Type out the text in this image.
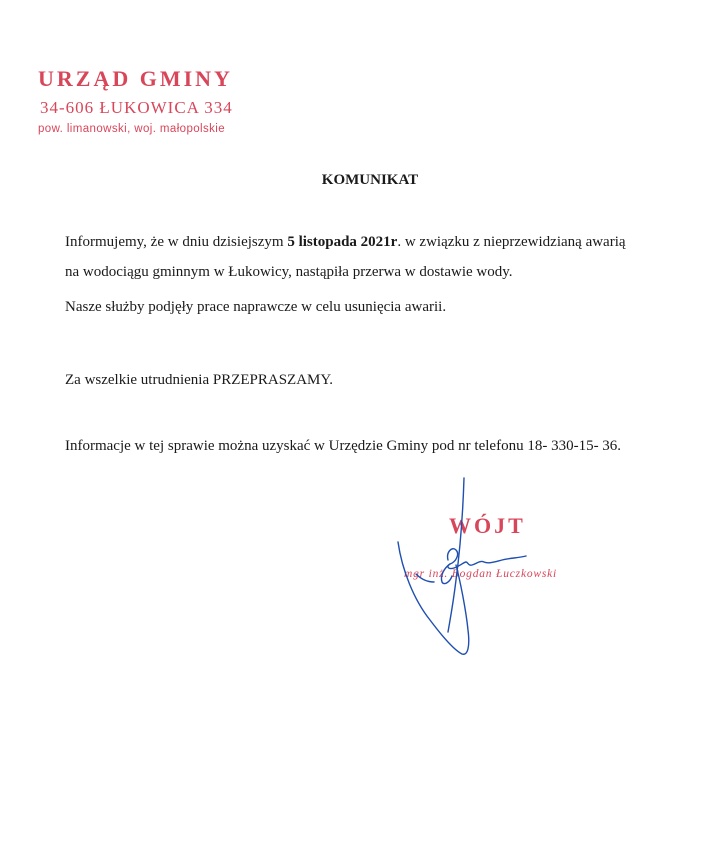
URZĄD GMINY
34-606 ŁUKOWICA 334
pow. limanowski, woj. małopolskie
KOMUNIKAT
Informujemy, że w dniu dzisiejszym 5 listopada 2021r. w związku z nieprzewidzianą awarią
na wodociągu gminnym w Łukowicy, nastąpiła przerwa w dostawie wody.
Nasze służby podjęły prace naprawcze w celu usunięcia awarii.
Za wszelkie utrudnienia PRZEPRASZAMY.
Informacje w tej sprawie można uzyskać w Urzędzie Gminy pod nr telefonu 18- 330-15- 36.
WÓJT
mgr inż. Bogdan Łuczkowski
